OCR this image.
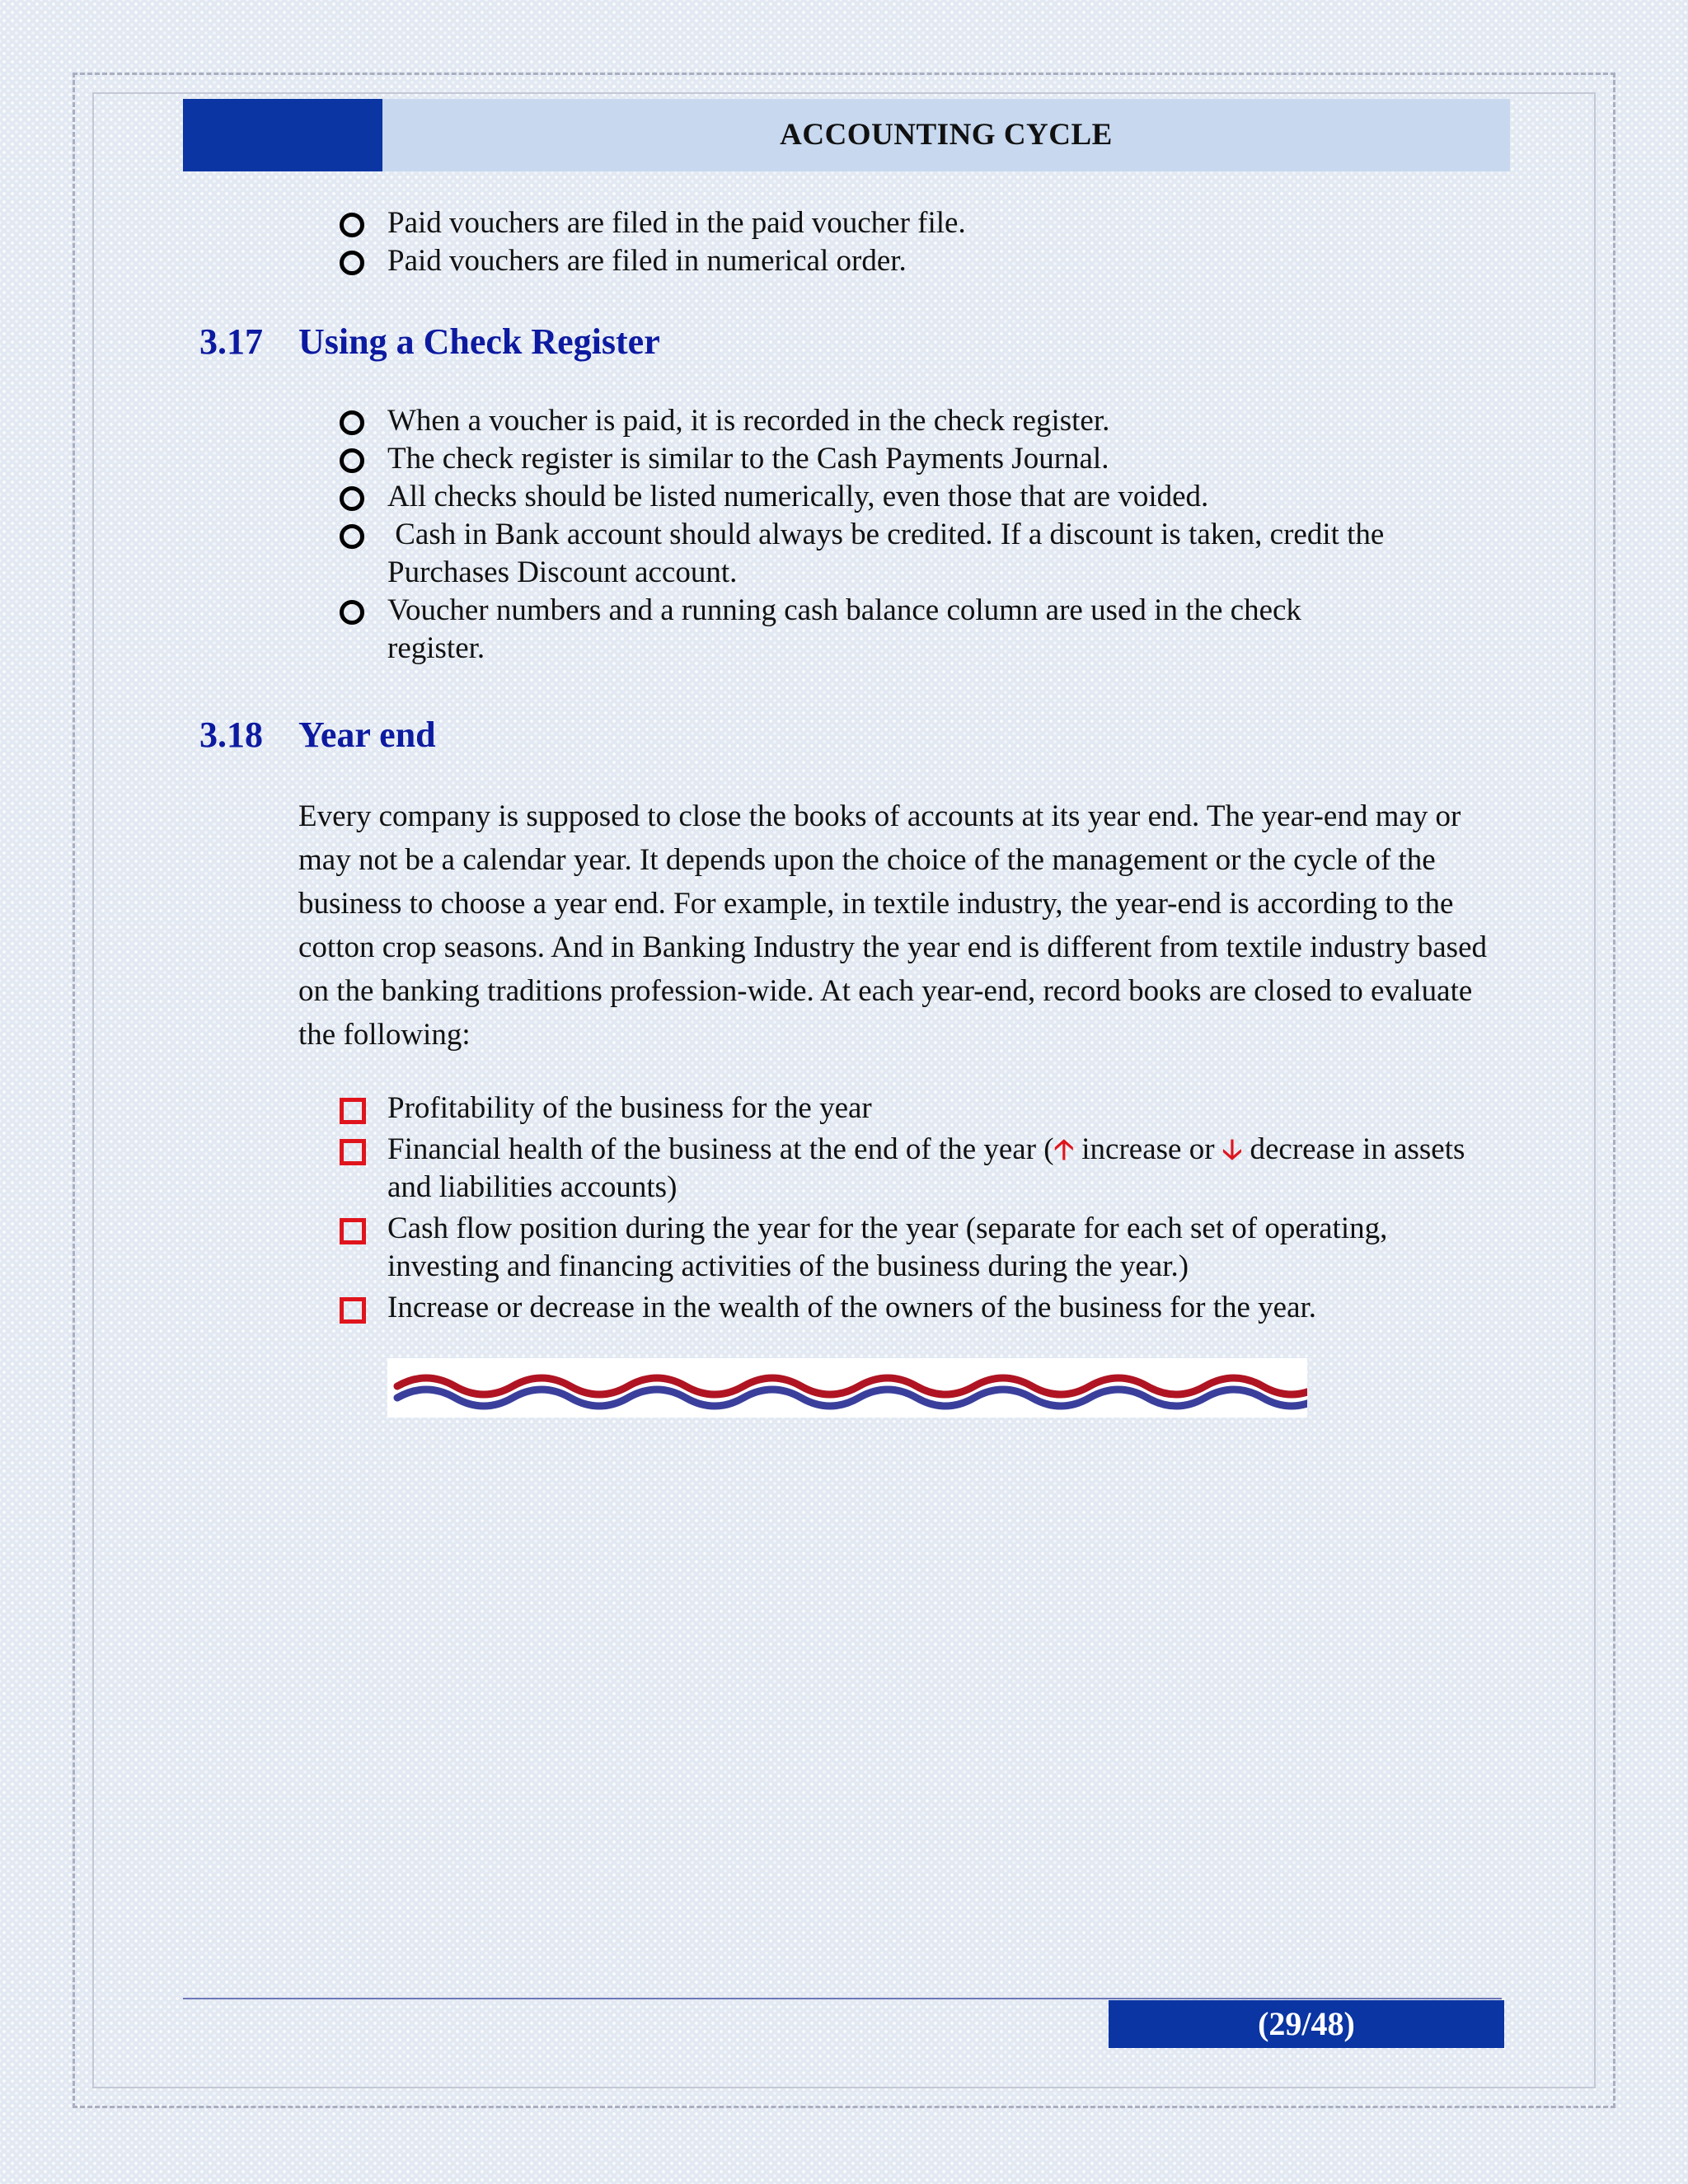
ACCOUNTING CYCLE
Paid vouchers are filed in the paid voucher file.
Paid vouchers are filed in numerical order.
3.17 Using a Check Register
When a voucher is paid, it is recorded in the check register.
The check register is similar to the Cash Payments Journal.
All checks should be listed numerically, even those that are voided.
Cash in Bank account should always be credited. If a discount is taken, credit the Purchases Discount account.
Voucher numbers and a running cash balance column are used in the check register.
3.18 Year end

Every company is supposed to close the books of accounts at its year end. The year-end may or may not be a calendar year. It depends upon the choice of the management or the cycle of the business to choose a year end. For example, in textile industry, the year-end is according to the cotton crop seasons. And in Banking Industry the year end is different from textile industry based on the banking traditions profession-wide. At each year-end, record books are closed to evaluate the following:

Profitability of the business for the year
Financial health of the business at the end of the year (🡡 increase or 🡣 decrease in assets and liabilities accounts)
Cash flow position during the year for the year (separate for each set of operating, investing and financing activities of the business during the year.)
Increase or decrease in the wealth of the owners of the business for the year.
(29/48)
